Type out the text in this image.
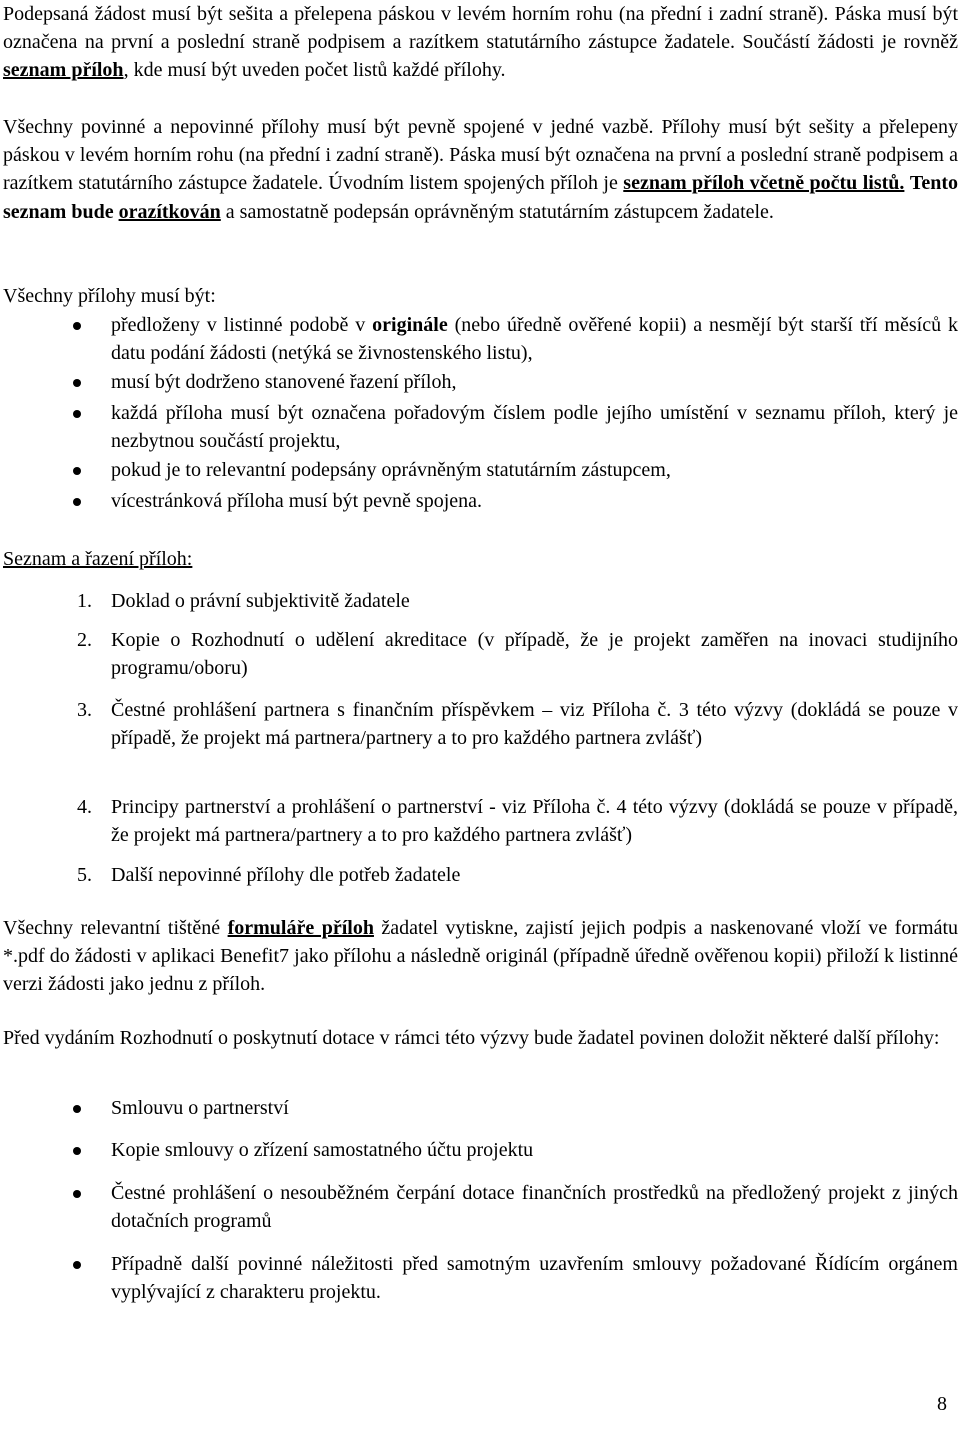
Podepsaná žádost musí být sešita a přelepena páskou v levém horním rohu (na přední i zadní straně). Páska musí být označena na první a poslední straně podpisem a razítkem statutárního zástupce žadatele. Součástí žádosti je rovněž seznam příloh, kde musí být uveden počet listů každé přílohy.

Všechny povinné a nepovinné přílohy musí být pevně spojené v jedné vazbě. Přílohy musí být sešity a přelepeny páskou v levém horním rohu (na přední i zadní straně). Páska musí být označena na první a poslední straně podpisem a razítkem statutárního zástupce žadatele. Úvodním listem spojených příloh je seznam příloh včetně počtu listů. Tento seznam bude orazítkován a samostatně podepsán oprávněným statutárním zástupcem žadatele.

Všechny přílohy musí být:

předloženy v listinné podobě v originále (nebo úředně ověřené kopii) a nesmějí být starší tří měsíců k datu podání žádosti (netýká se živnostenského listu),

musí být dodrženo stanovené řazení příloh,

každá příloha musí být označena pořadovým číslem podle jejího umístění v seznamu příloh, který je nezbytnou součástí projektu,

pokud je to relevantní podepsány oprávněným statutárním zástupcem,

vícestránková příloha musí být pevně spojena.

Seznam a řazení příloh:

1. Doklad o právní subjektivitě žadatele

2. Kopie o Rozhodnutí o udělení akreditace (v případě, že je projekt zaměřen na inovaci studijního programu/oboru)

3. Čestné prohlášení partnera s finančním příspěvkem – viz Příloha č. 3 této výzvy (dokládá se pouze v případě, že projekt má partnera/partnery a to pro každého partnera zvlášť)

4. Principy partnerství a prohlášení o partnerství - viz Příloha č. 4 této výzvy (dokládá se pouze v případě, že projekt má partnera/partnery a to pro každého partnera zvlášť)

5. Další nepovinné přílohy dle potřeb žadatele

Všechny relevantní tištěné formuláře příloh žadatel vytiskne, zajistí jejich podpis a naskenované vloží ve formátu *.pdf do žádosti v aplikaci Benefit7 jako přílohu a následně originál (případně úředně ověřenou kopii) přiloží k listinné verzi žádosti jako jednu z příloh.

Před vydáním Rozhodnutí o poskytnutí dotace v rámci této výzvy bude žadatel povinen doložit některé další přílohy:

Smlouvu o partnerství

Kopie smlouvy o zřízení samostatného účtu projektu

Čestné prohlášení o nesouběžném čerpání dotace finančních prostředků na předložený projekt z jiných dotačních programů

Případně další povinné náležitosti před samotným uzavřením smlouvy požadované Řídícím orgánem vyplývající z charakteru projektu.

8
